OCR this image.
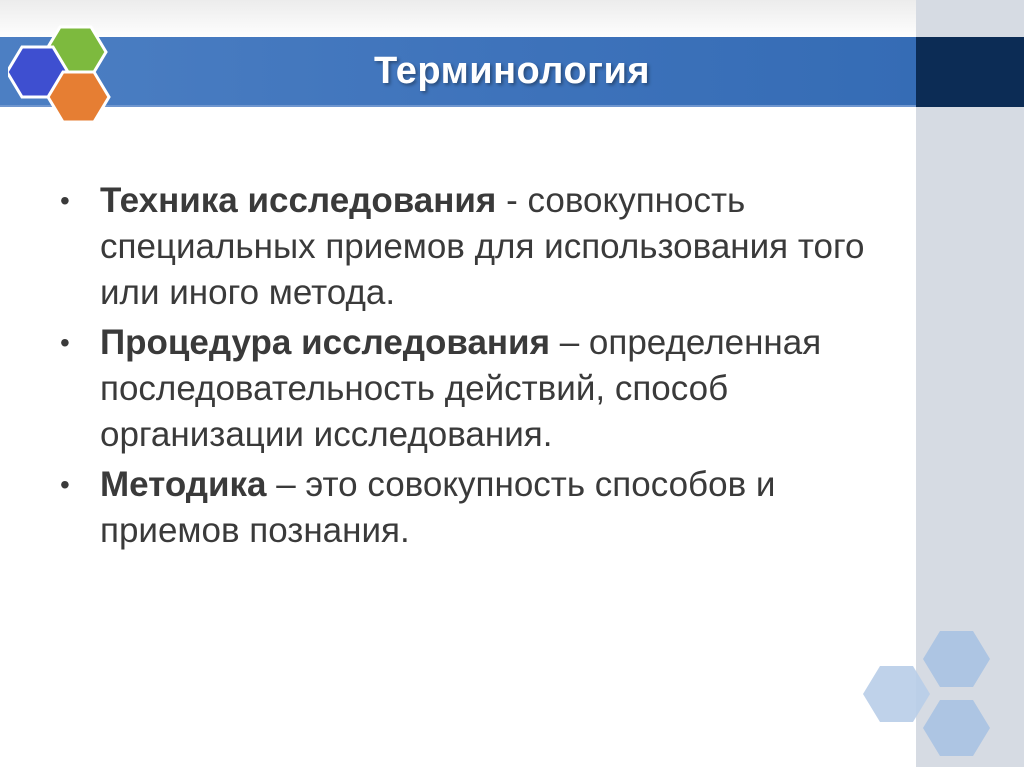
Терминология
• Техника исследования - совокупность специальных приемов для использования того или иного метода.
• Процедура исследования – определенная последовательность действий, способ организации исследования.
• Методика – это совокупность способов и приемов познания.
